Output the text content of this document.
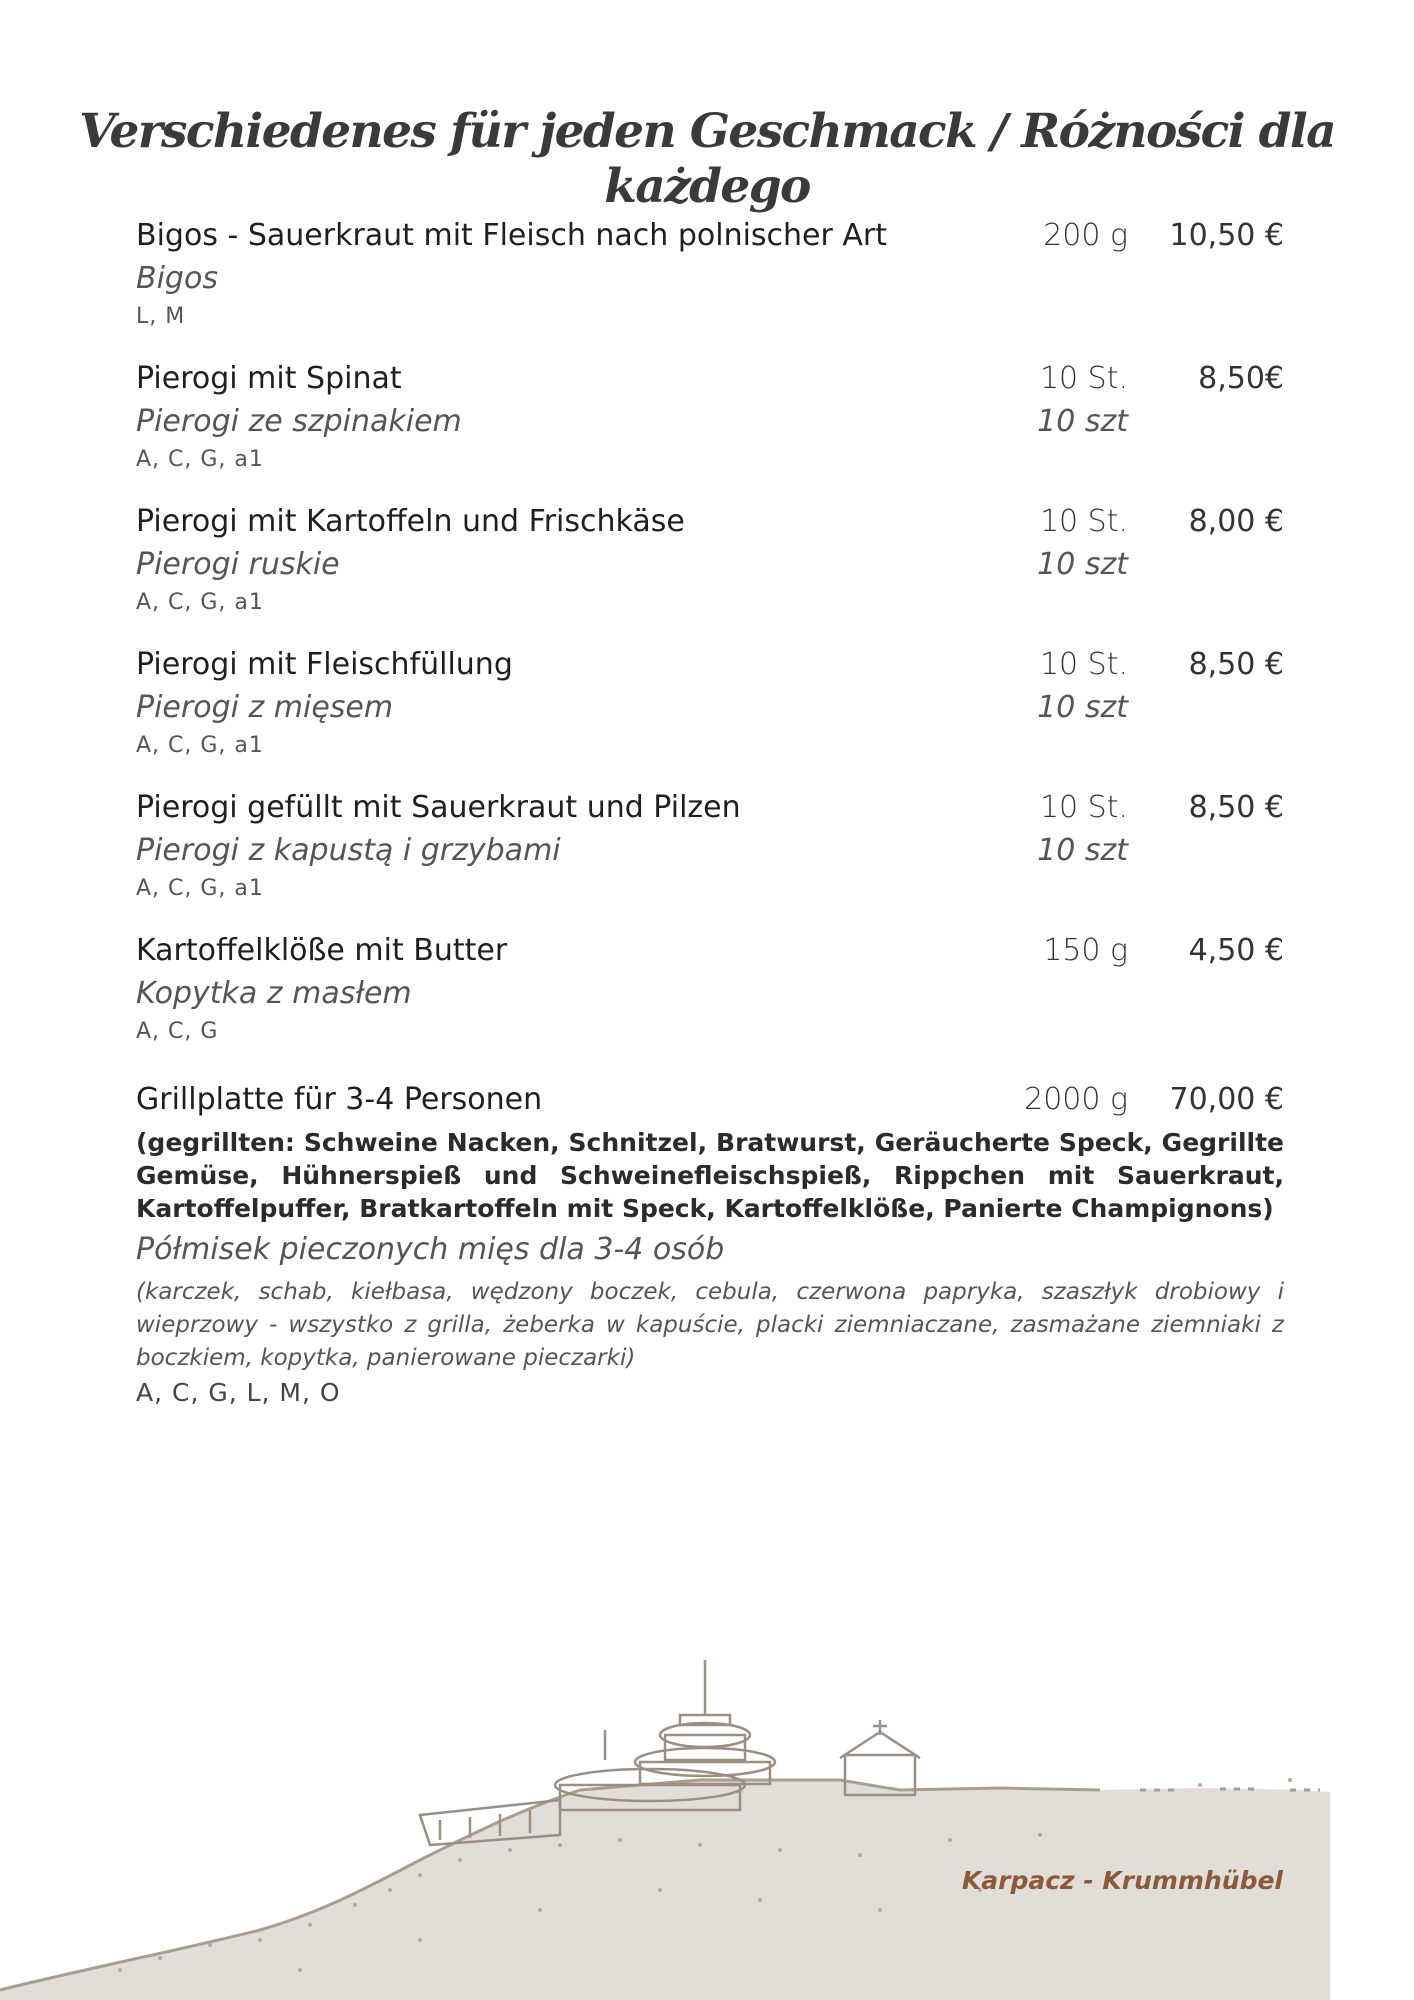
Verschiedenes für jeden Geschmack / Różności dla każdego
Bigos - Sauerkraut mit Fleisch nach polnischer Art	200 g 10,50 €
Bigos
L, M
Pierogi mit Spinat	10 St. 8,50€
Pierogi ze szpinakiem	10 szt
A, C, G, a1
Pierogi mit Kartoffeln und Frischkäse	10 St. 8,00 €
Pierogi ruskie	10 szt
A, C, G, a1
Pierogi mit Fleischfüllung	10 St. 8,50 €
Pierogi z mięsem	10 szt
A, C, G, a1
Pierogi gefüllt mit Sauerkraut und Pilzen	10 St. 8,50 €
Pierogi z kapustą i grzybami	10 szt
A, C, G, a1
Kartoffelklöße mit Butter	150 g 4,50 €
Kopytka z masłem
A, C, G
Grillplatte für 3-4 Personen	2000 g 70,00 €
(gegrillten: Schweine Nacken, Schnitzel, Bratwurst, Geräucherte Speck, Gegrillte Gemüse, Hühnerspieß und Schweinefleischspieß, Rippchen mit Sauerkraut, Kartoffelpuffer, Bratkartoffeln mit Speck, Kartoffelklöße, Panierte Champignons)
Półmisek pieczonych mięs dla 3-4 osób
(karczek, schab, kiełbasa, wędzony boczek, cebula, czerwona papryka, szaszłyk drobiowy i wieprzowy - wszystko z grilla, żeberka w kapuście, placki ziemniaczane, zasmażane ziemniaki z boczkiem, kopytka, panierowane pieczarki)
A, C, G, L, M, O
Karpacz - Krummhübel
